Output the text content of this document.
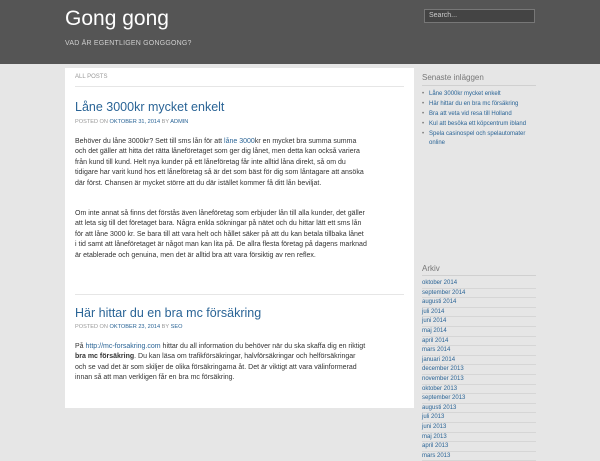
Gong gong
VAD ÄR EGENTLIGEN GONGGONG?
Search...
ALL POSTS
Låne 3000kr mycket enkelt
POSTED ON OKTOBER 31, 2014 BY ADMIN
Behöver du låne 3000kr? Sett till sms lån för att låne 3000kr en mycket bra summa summa
och det gäller att hitta det rätta låneföretaget som ger dig lånet, men detta kan också variera
från kund till kund. Helt nya kunder på ett låneföretag får inte alltid låna direkt, så om du
tidigare har varit kund hos ett låneföretag så är det som bäst för dig som låntagare att ansöka
där först. Chansen är mycket större att du där istället kommer få ditt lån beviljat.
Om inte annat så finns det förstås även låneföretag som erbjuder lån till alla kunder, det gäller
att leta sig till det företaget bara. Några enkla sökningar på nätet och du hittar lätt ett sms lån
för att låne 3000 kr. Se bara till att vara helt och hållet säker på att du kan betala tillbaka lånet
i tid samt att låneföretaget är något man kan lita på. De allra flesta företag på dagens marknad
är etablerade och genuina, men det är alltid bra att vara försiktig av ren reflex.
Här hittar du en bra mc försäkring
POSTED ON OKTOBER 23, 2014 BY SEO
På http://mc-forsakring.com hittar du all information du behöver när du ska skaffa dig en riktigt
bra mc försäkring. Du kan läsa om trafikförsäkringar, halvförsäkringar och helförsäkringar
och se vad det är som skiljer de olika försäkringarna åt. Det är viktigt att vara välinformerad
innan så att man verkligen får en bra mc försäkring.
Senaste inläggen
• Låne 3000kr mycket enkelt
• Här hittar du en bra mc försäkring
• Bra att veta vid resa till Holland
• Kul att besöka ett köpcentrum ibland
• Spela casinospel och spelautomater online
Arkiv
oktober 2014
september 2014
augusti 2014
juli 2014
juni 2014
maj 2014
april 2014
mars 2014
januari 2014
december 2013
november 2013
oktober 2013
september 2013
augusti 2013
juli 2013
juni 2013
maj 2013
april 2013
mars 2013
